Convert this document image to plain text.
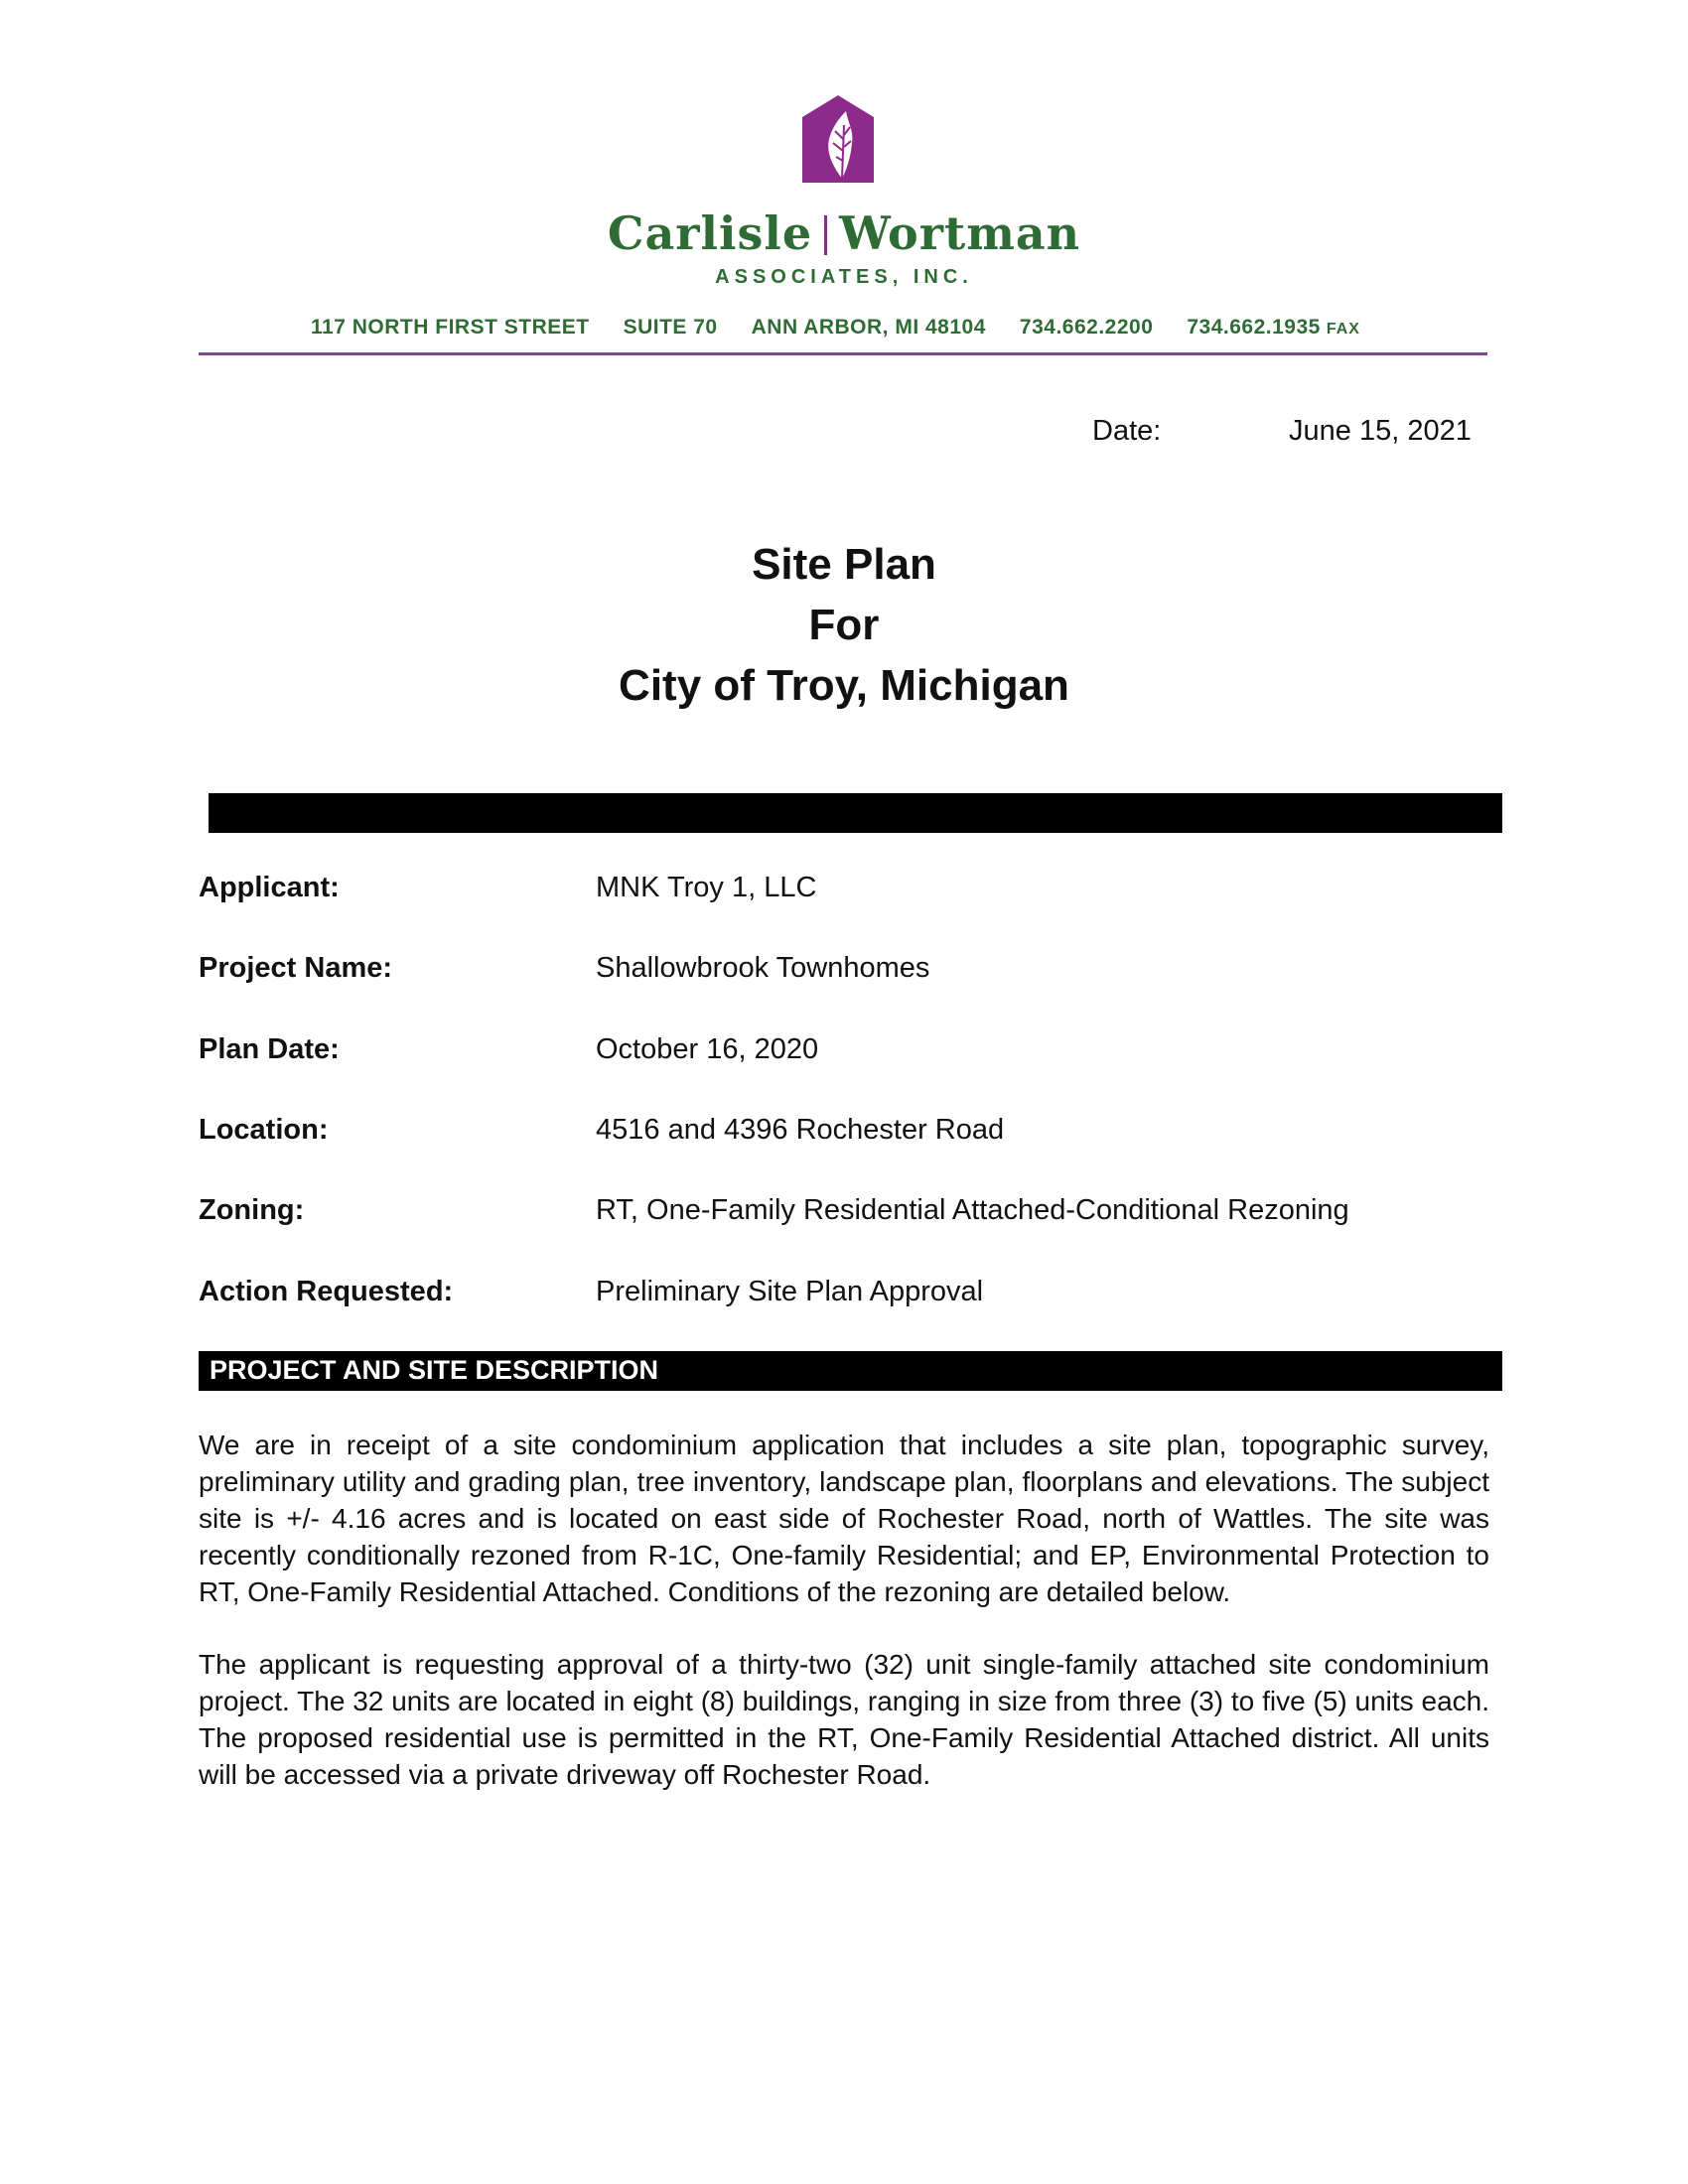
Carlisle Wortman
ASSOCIATES, INC.
117 NORTH FIRST STREET SUITE 70 ANN ARBOR, MI 48104 734.662.2200 734.662.1935 FAX
Date:	June 15, 2021
Site Plan
For
City of Troy, Michigan
Applicant:	MNK Troy 1, LLC
Project Name:	Shallowbrook Townhomes
Plan Date:	October 16, 2020
Location:	4516 and 4396 Rochester Road
Zoning:	RT, One-Family Residential Attached-Conditional Rezoning
Action Requested:	Preliminary Site Plan Approval
PROJECT AND SITE DESCRIPTION
We are in receipt of a site condominium application that includes a site plan, topographic survey, preliminary utility and grading plan, tree inventory, landscape plan, floorplans and elevations. The subject site is +/- 4.16 acres and is located on east side of Rochester Road, north of Wattles. The site was recently conditionally rezoned from R-1C, One-family Residential; and EP, Environmental Protection to RT, One-Family Residential Attached. Conditions of the rezoning are detailed below.
The applicant is requesting approval of a thirty-two (32) unit single-family attached site condominium project. The 32 units are located in eight (8) buildings, ranging in size from three (3) to five (5) units each. The proposed residential use is permitted in the RT, One-Family Residential Attached district. All units will be accessed via a private driveway off Rochester Road.
